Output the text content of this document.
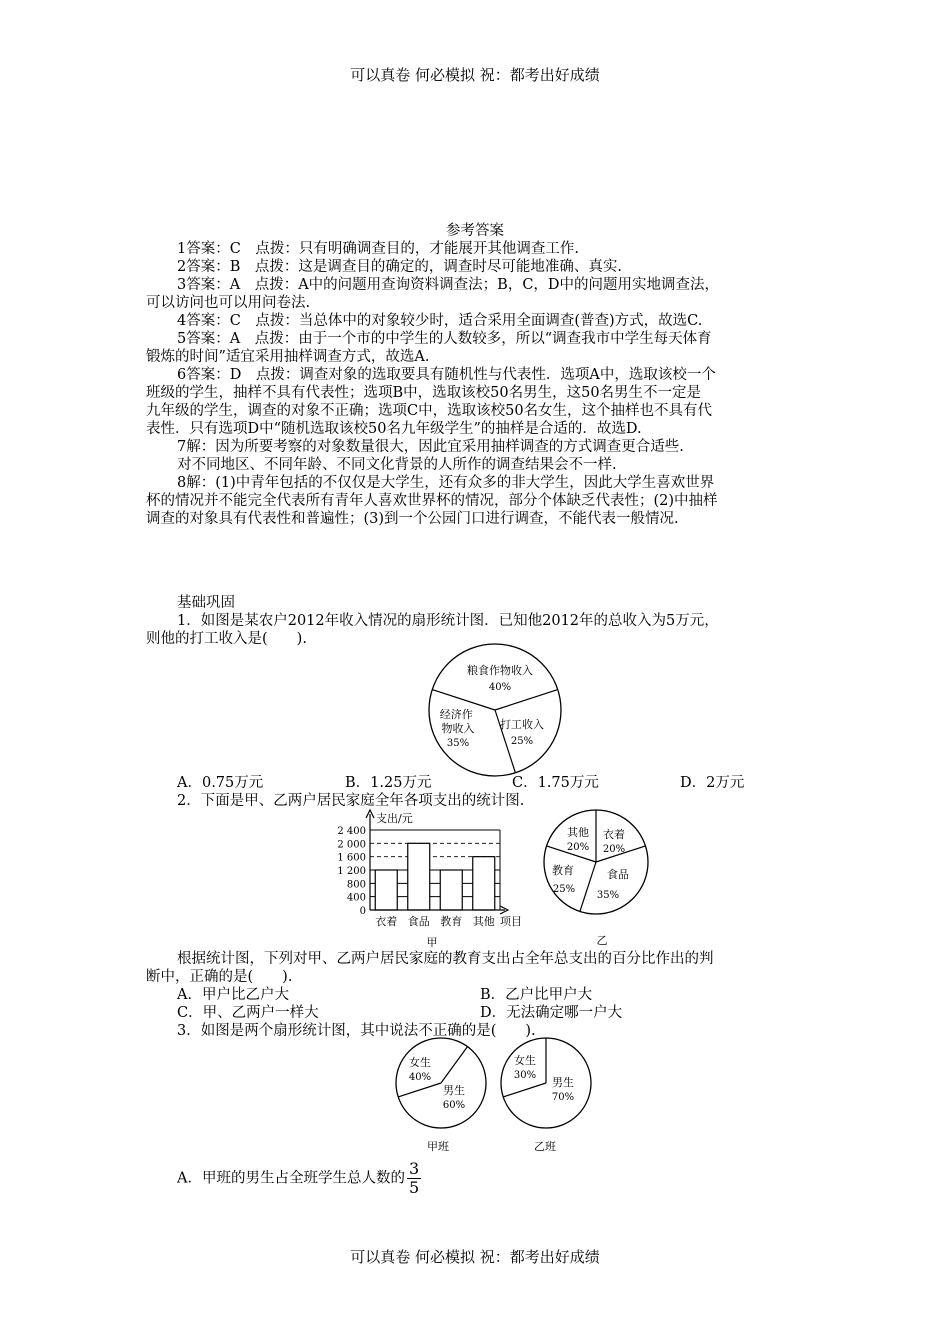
可以真卷 何必模拟 祝：都考出好成绩
可以真卷 何必模拟 祝：都考出好成绩
参考答案
1答案：C　点拨：只有明确调查目的，才能展开其他调查工作.
2答案：B　点拨：这是调查目的确定的，调查时尽可能地准确、真实.
3答案：A　点拨：A中的问题用查询资料调查法；B，C，D中的问题用实地调查法，
可以访问也可以用问卷法.
4答案：C　点拨：当总体中的对象较少时，适合采用全面调查(普查)方式，故选C.
5答案：A　点拨：由于一个市的中学生的人数较多，所以“调查我市中学生每天体育
锻炼的时间”适宜采用抽样调查方式，故选A.
6答案：D　点拨：调查对象的选取要具有随机性与代表性．选项A中，选取该校一个
班级的学生，抽样不具有代表性；选项B中，选取该校50名男生，这50名男生不一定是
九年级的学生，调查的对象不正确；选项C中，选取该校50名女生，这个抽样也不具有代
表性．只有选项D中“随机选取该校50名九年级学生”的抽样是合适的．故选D.
7解：因为所要考察的对象数量很大，因此宜采用抽样调查的方式调查更合适些.
对不同地区、不同年龄、不同文化背景的人所作的调查结果会不一样.
8解：(1)中青年包括的不仅仅是大学生，还有众多的非大学生，因此大学生喜欢世界
杯的情况并不能完全代表所有青年人喜欢世界杯的情况，部分个体缺乏代表性；(2)中抽样
调查的对象具有代表性和普遍性；(3)到一个公园门口进行调查，不能代表一般情况.
基础巩固
1．如图是某农户2012年收入情况的扇形统计图．已知他2012年的总收入为5万元，
则他的打工收入是(　　).
粮食作物收入
40%
经济作 物收入
35%
打工收入
25%
A．0.75万元	B．1.25万元	C．1.75万元	D．2万元
2．下面是甲、乙两户居民家庭全年各项支出的统计图.
0
400
800
1 200
1 600
2 000
2 400
衣着 食品 教育 其他
支出/元
项目
甲
其他
20%
衣着
20%
食品
35%
教育
25%
乙
根据统计图，下列对甲、乙两户居民家庭的教育支出占全年总支出的百分比作出的判
断中，正确的是(　　).
A．甲户比乙户大	B．乙户比甲户大
C．甲、乙两户一样大	D．无法确定哪一户大
3．如图是两个扇形统计图，其中说法不正确的是(　　).
女生
40%
男生
60%
甲班
女生
30%
男生
70%
乙班
A．甲班的男生占全班学生总人数的 $\frac{3}{5}$
